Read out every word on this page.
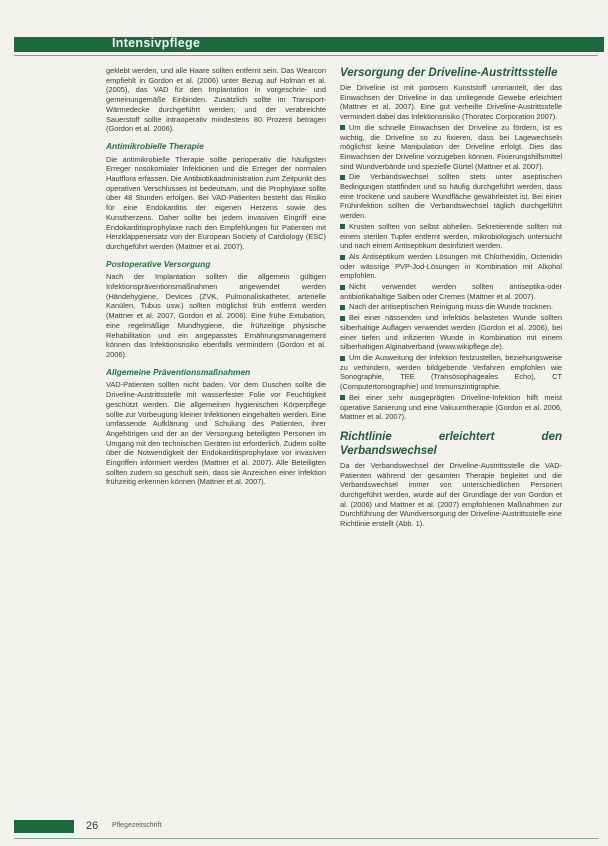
Intensivpflege

geklebt werden, und alle Haare sollten entfernt sein. Das Wearcon empfiehlt in Gordon et al. (2006) unter Bezug auf Holman et al. (2005), das VAD für den Implantation in vorgeschrie- und gemeinungemäße Einbinden. Zusätzlich sollte im Transport-Wärmedecke durchgeführt werden; und der verabreichte Sauerstoff sollte intraoperativ mindestens 80 Prozent betragen (Gordon et al. 2006).

Antimikrobielle Therapie

Die antimikrobielle Therapie sollte perioperativ die häufigsten Erreger nosokomialer Infektionen und die Erreger der normalen Hautflora erfassen. Die Antibiotikaadministration zum Zeitpunkt des operativen Verschlusses ist bedeutsam, und die Prophylaxe sollte über 48 Stunden erfolgen. Bei VAD-Patienten besteht das Risiko für eine Endokarditis der eigenen Herzens sowie des Kunstherzens. Daher sollte bei jedem invasiven Eingriff eine Endokarditisprophylaxe nach den Empfehlungen für Patienten mit Herzklappenersatz von der European Society of Cardiology (ESC) durchgeführt werden (Mattner et al. 2007).

Postoperative Versorgung

Nach der Implantation sollten die allgemein gültigen Infektionspräventionsmaßnahmen angewendet werden (Händehygiene, Devices (ZVK, Pulmonaliskatheter, arterielle Kanülen, Tubus usw.) sollten möglichst früh entfernt werden (Mattner et al. 2007, Gordon et al. 2006). Eine frühe Extubation, eine regelmäßige Mundhygiene, die frühzeitige physische Rehabilitation und ein angepasstes Ernährungsmanagement können das Infektionsrisiko ebenfalls vermindern (Gordon et al. 2006).

Allgemeine Präventionsmaßnahmen

VAD-Patienten sollten nicht baden. Vor dem Duschen sollte die Driveline-Austrittsstelle mit wasserfester Folie vor Feuchtigkeit geschützt werden. Die allgemeinen hygienischen Körperpflege sollte zur Vorbeugung kleiner Infektionen eingehalten werden. Eine umfassende Aufklärung und Schulung des Patienten, ihrer Angehörigen und der an der Versorgung beteiligten Personen im Umgang mit den technischen Geräten ist erforderlich. Zudem sollte über die Notwendigkeit der Endokarditisprophylaxe vor invasiven Eingriffen informiert werden (Mattner et al. 2007). Alle Beteiligten sollten zudem so geschult sein, dass sie Anzeichen einer Infektion frühzeitig erkennen können (Mattner et al. 2007).

Versorgung der Driveline-Austrittsstelle

Die Driveline ist mit porösem Kunststoff ummantelt, der das Einwachsen der Driveline in das umliegende Gewebe erleichtert (Mattner et al. 2007). Eine gut verheilte Driveline-Austrittsstelle vermindert dabei das Infektionsrisiko (Thoratec Corporation 2007).

Um die schnelle Einwachsen der Driveline zu fördern, ist es wichtig, die Driveline so zu fixieren, dass bei Lagewechseln möglichst keine Manipulation der Driveline erfolgt. Dies das Einwachsen der Driveline vorzugeben können. Fixierungshilfsmittel sind Wundverbände und spezielle Gürtel (Mattner et al. 2007).

Die Verbandswechsel sollten stets unter aseptischen Bedingungen stattfinden und so häufig durchgeführt werden, dass eine trockene und saubere Wundfläche gewährleistet ist. Bei einer Frühinfektion sollten die Verbandswechsel täglich durchgeführt werden.

Krusten sollten von selbst abheilen. Sekretierende sollten mit einem sterilen Tupfer entfernt werden, mikrobiologisch untersucht und nach einem Antiseptikum desinfiziert werden.

Als Antiseptikum werden Lösungen mit Chlorhexidin, Octenidin oder wässrige PVP-Jod-Lösungen in Kombination mit Alkohol empfohlen.

Nicht verwendet werden sollten antiseptika-oder antibiotikahaltige Salben oder Cremes (Mattner et al. 2007).

Nach der antiseptischen Reinigung muss die Wunde trocknen.

Bei einer nässenden und infektiös belasteten Wunde sollten silberhaltige Auflagen verwendet werden (Gordon et al. 2006), bei einer tiefen und infizierten Wunde in Kombination mit einem silberhaltigen Alginatverband (www.wikipflege.de).

Um die Ausweitung der Infektion festzustellen, beziehungsweise zu verhindern, werden bildgebende Verfahren empfohlen wie Sonographie, TEE (Transösophageales Echo), CT (Computertomographie) und Immunszintigraphie.

Bei einer sehr ausgeprägten Driveline-Infektion hilft meist operative Sanierung und eine Vakuumtherapie (Gordon et al. 2006, Mattner et al. 2007).

Richtlinie erleichtert den Verbandswechsel

Da der Verbandswechsel der Driveline-Austrittsstelle die VAD-Patienten während der gesamten Therapie begleitet und die Verbandswechsel immer von unterschiedlichen Personen durchgeführt werden, wurde auf der Grundlage der von Gordon et al. (2006) und Mattner et al. (2007) empfohlenen Maßnahmen zur Durchführung der Wundversorgung der Driveline-Austrittsstelle eine Richtlinie erstellt (Abb. 1).

26 Pflegezeitschrift
